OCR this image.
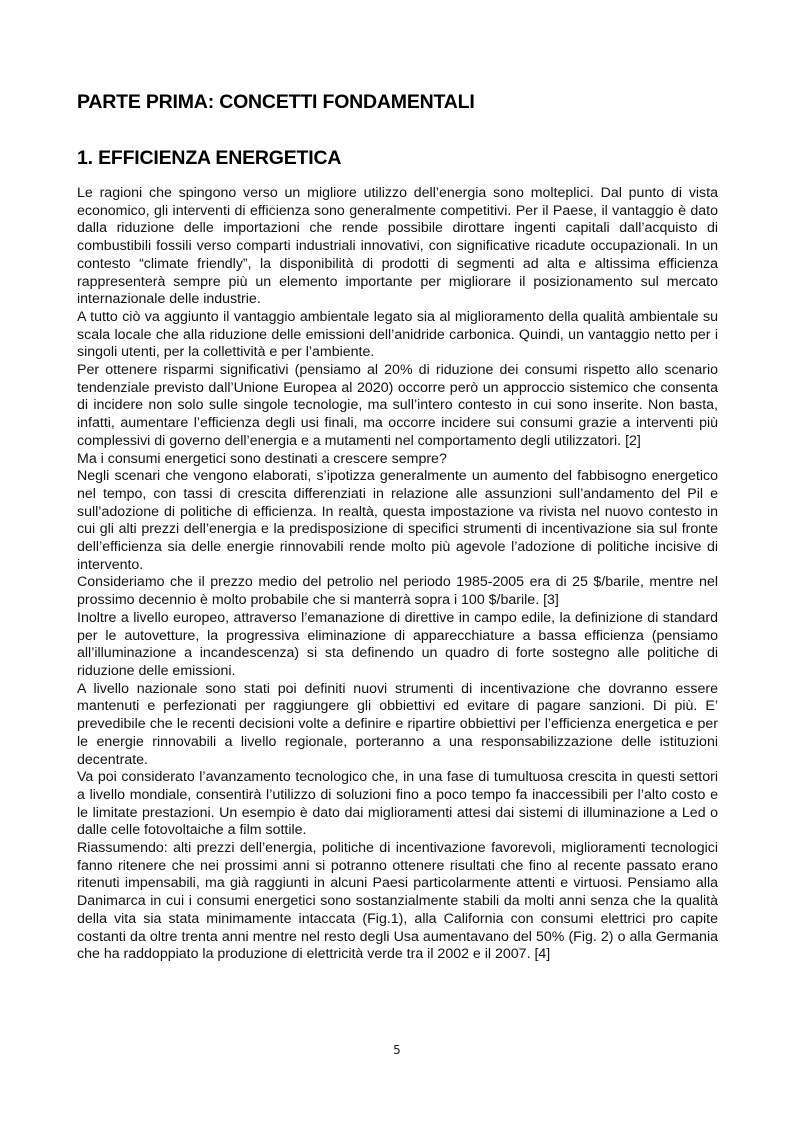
PARTE PRIMA: CONCETTI FONDAMENTALI
1. EFFICIENZA ENERGETICA

Le ragioni che spingono verso un migliore utilizzo dell’energia sono molteplici. Dal punto di vista economico, gli interventi di efficienza sono generalmente competitivi. Per il Paese, il vantaggio è dato dalla riduzione delle importazioni che rende possibile dirottare ingenti capitali dall’acquisto di combustibili fossili verso comparti industriali innovativi, con significative ricadute occupazionali. In un contesto “climate friendly”, la disponibilità di prodotti di segmenti ad alta e altissima efficienza rappresenterà sempre più un elemento importante per migliorare il posizionamento sul mercato internazionale delle industrie.

A tutto ciò va aggiunto il vantaggio ambientale legato sia al miglioramento della qualità ambientale su scala locale che alla riduzione delle emissioni dell’anidride carbonica. Quindi, un vantaggio netto per i singoli utenti, per la collettività e per l’ambiente.

Per ottenere risparmi significativi (pensiamo al 20% di riduzione dei consumi rispetto allo scenario tendenziale previsto dall’Unione Europea al 2020) occorre però un approccio sistemico che consenta di incidere non solo sulle singole tecnologie, ma sull’intero contesto in cui sono inserite. Non basta, infatti, aumentare l’efficienza degli usi finali, ma occorre incidere sui consumi grazie a interventi più complessivi di governo dell’energia e a mutamenti nel comportamento degli utilizzatori. [2]

Ma i consumi energetici sono destinati a crescere sempre?

Negli scenari che vengono elaborati, s’ipotizza generalmente un aumento del fabbisogno energetico nel tempo, con tassi di crescita differenziati in relazione alle assunzioni sull’andamento del Pil e sull’adozione di politiche di efficienza. In realtà, questa impostazione va rivista nel nuovo contesto in cui gli alti prezzi dell’energia e la predisposizione di specifici strumenti di incentivazione sia sul fronte dell’efficienza sia delle energie rinnovabili rende molto più agevole l’adozione di politiche incisive di intervento.

Consideriamo che il prezzo medio del petrolio nel periodo 1985-2005 era di 25 $/barile, mentre nel prossimo decennio è molto probabile che si manterrà sopra i 100 $/barile. [3]

Inoltre a livello europeo, attraverso l’emanazione di direttive in campo edile, la definizione di standard per le autovetture, la progressiva eliminazione di apparecchiature a bassa efficienza (pensiamo all’illuminazione a incandescenza) si sta definendo un quadro di forte sostegno alle politiche di riduzione delle emissioni.

A livello nazionale sono stati poi definiti nuovi strumenti di incentivazione che dovranno essere mantenuti e perfezionati per raggiungere gli obbiettivi ed evitare di pagare sanzioni. Di più. E’ prevedibile che le recenti decisioni volte a definire e ripartire obbiettivi per l’efficienza energetica e per le energie rinnovabili a livello regionale, porteranno a una responsabilizzazione delle istituzioni decentrate.

Va poi considerato l’avanzamento tecnologico che, in una fase di tumultuosa crescita in questi settori a livello mondiale, consentirà l’utilizzo di soluzioni fino a poco tempo fa inaccessibili per l’alto costo e le limitate prestazioni. Un esempio è dato dai miglioramenti attesi dai sistemi di illuminazione a Led o dalle celle fotovoltaiche a film sottile.

Riassumendo: alti prezzi dell’energia, politiche di incentivazione favorevoli, miglioramenti tecnologici fanno ritenere che nei prossimi anni si potranno ottenere risultati che fino al recente passato erano ritenuti impensabili, ma già raggiunti in alcuni Paesi particolarmente attenti e virtuosi. Pensiamo alla Danimarca in cui i consumi energetici sono sostanzialmente stabili da molti anni senza che la qualità della vita sia stata minimamente intaccata (Fig.1), alla California con consumi elettrici pro capite costanti da oltre trenta anni mentre nel resto degli Usa aumentavano del 50% (Fig. 2) o alla Germania che ha raddoppiato la produzione di elettricità verde tra il 2002 e il 2007. [4]

5
